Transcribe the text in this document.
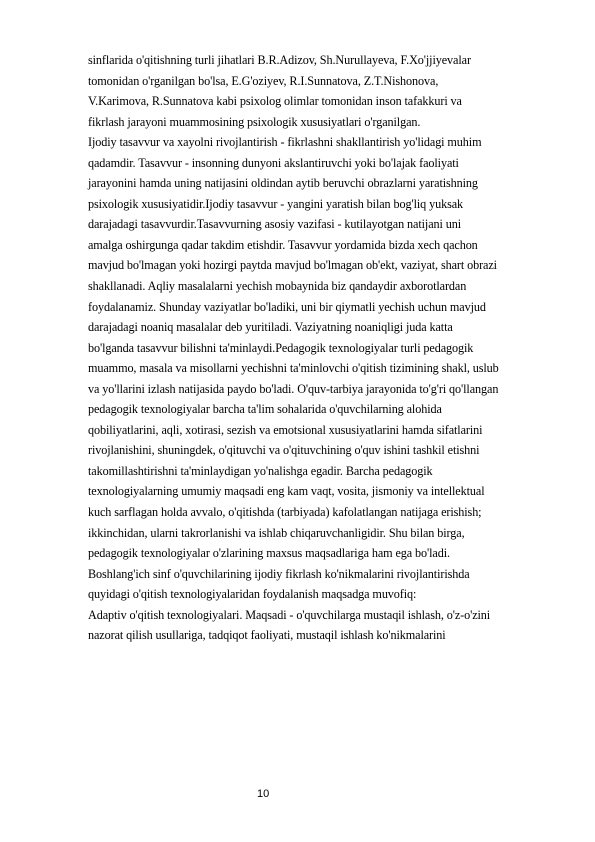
sinflarida o'qitishning turli jihatlari B.R.Adizov, Sh.Nurullayeva, F.Xo'jjiyevalar
tomonidan o'rganilgan bo'lsa, E.G'oziyev, R.I.Sunnatova, Z.T.Nishonova,
V.Karimova, R.Sunnatova kabi psixolog olimlar tomonidan inson tafakkuri va
fikrlash jarayoni muammosining psixologik xususiyatlari o'rganilgan.
Ijodiy tasavvur va xayolni rivojlantirish - fikrlashni shakllantirish yo'lidagi muhim
qadamdir. Tasavvur - insonning dunyoni akslantiruvchi yoki bo'lajak faoliyati
jarayonini hamda uning natijasini oldindan aytib beruvchi obrazlarni yaratishning
psixologik xususiyatidir.Ijodiy tasavvur - yangini yaratish bilan bog'liq yuksak
darajadagi tasavvurdir.Tasavvurning asosiy vazifasi - kutilayotgan natijani uni
amalga oshirgunga qadar takdim etishdir. Tasavvur yordamida bizda xech qachon
mavjud bo'lmagan yoki hozirgi paytda mavjud bo'lmagan ob'ekt, vaziyat, shart obrazi
shakllanadi. Aqliy masalalarni yechish mobaynida biz qandaydir axborotlardan
foydalanamiz. Shunday vaziyatlar bo'ladiki, uni bir qiymatli yechish uchun mavjud
darajadagi noaniq masalalar deb yuritiladi. Vaziyatning noaniqligi juda katta
bo'lganda tasavvur bilishni ta'minlaydi.Pedagogik texnologiyalar turli pedagogik
muammo, masala va misollarni yechishni ta'minlovchi o'qitish tizimining shakl, uslub
va yo'llarini izlash natijasida paydo bo'ladi. O'quv-tarbiya jarayonida to'g'ri qo'llangan
pedagogik texnologiyalar barcha ta'lim sohalarida o'quvchilarning alohida
qobiliyatlarini, aqli, xotirasi, sezish va emotsional xususiyatlarini hamda sifatlarini
rivojlanishini, shuningdek, o'qituvchi va o'qituvchining o'quv ishini tashkil etishni
takomillashtirishni ta'minlaydigan yo'nalishga egadir. Barcha pedagogik
texnologiyalarning umumiy maqsadi eng kam vaqt, vosita, jismoniy va intellektual
kuch sarflagan holda avvalo, o'qitishda (tarbiyada) kafolatlangan natijaga erishish;
ikkinchidan, ularni takrorlanishi va ishlab chiqaruvchanligidir. Shu bilan birga,
pedagogik texnologiyalar o'zlarining maxsus maqsadlariga ham ega bo'ladi.
Boshlang'ich sinf o'quvchilarining ijodiy fikrlash ko'nikmalarini rivojlantirishda
quyidagi o'qitish texnologiyalaridan foydalanish maqsadga muvofiq:
Adaptiv o'qitish texnologiyalari. Maqsadi - o'quvchilarga mustaqil ishlash, o'z-o'zini
nazorat qilish usullariga, tadqiqot faoliyati, mustaqil ishlash ko'nikmalarini
10
